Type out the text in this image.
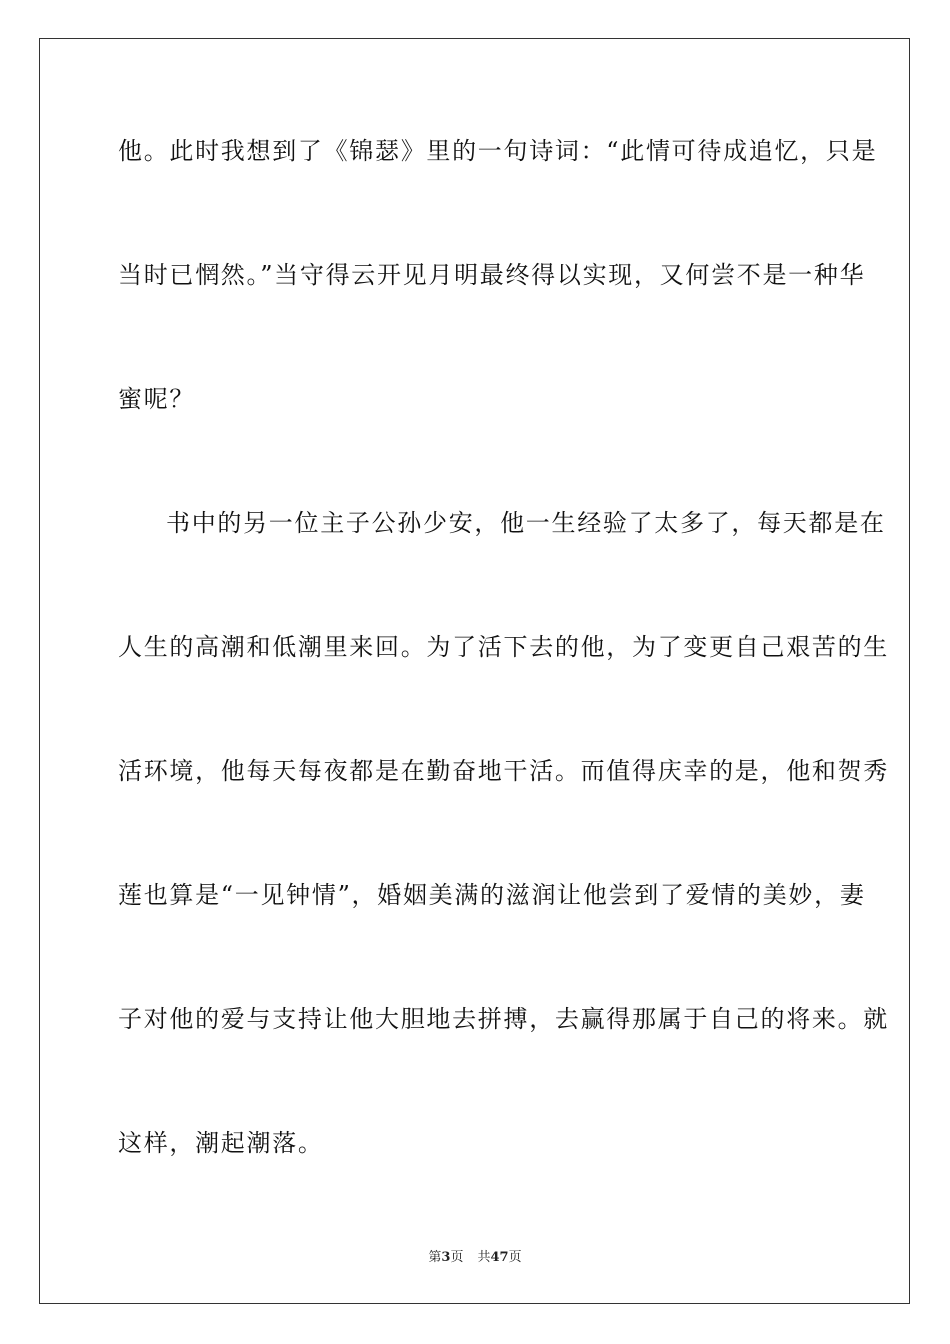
他。此时我想到了《锦瑟》里的一句诗词：“此情可待成追忆，只是
当时已惘然。”当守得云开见月明最终得以实现，又何尝不是一种华
蜜呢？
书中的另一位主子公孙少安，他一生经验了太多了，每天都是在
人生的高潮和低潮里来回。为了活下去的他，为了变更自己艰苦的生
活环境，他每天每夜都是在勤奋地干活。而值得庆幸的是，他和贺秀
莲也算是“一见钟情”，婚姻美满的滋润让他尝到了爱情的美妙，妻
子对他的爱与支持让他大胆地去拼搏，去赢得那属于自己的将来。就
这样，潮起潮落。
第3页 共47页
